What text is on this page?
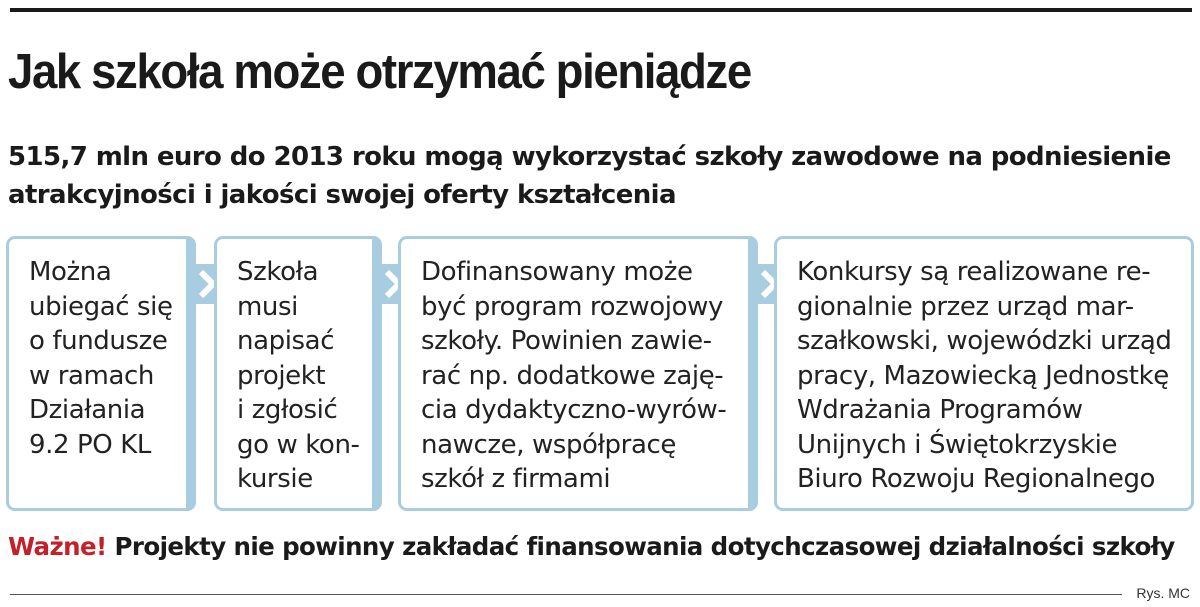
Jak szkoła może otrzymać pieniądze
515,7 mln euro do 2013 roku mogą wykorzystać szkoły zawodowe na podniesienie atrakcyjności i jakości swojej oferty kształcenia
Można
ubiegać się
o fundusze
w ramach
Działania
9.2 PO KL
Szkoła
musi
napisać
projekt
i zgłosić
go w kon-
kursie
Dofinansowany może
być program rozwojowy
szkoły. Powinien zawie-
rać np. dodatkowe zaję-
cia dydaktyczno-wyrów-
nawcze, współpracę
szkół z firmami
Konkursy są realizowane re-
gionalnie przez urząd mar-
szałkowski, wojewódzki urząd
pracy, Mazowiecką Jednostkę
Wdrażania Programów
Unijnych i Świętokrzyskie
Biuro Rozwoju Regionalnego
Ważne! Projekty nie powinny zakładać finansowania dotychczasowej działalności szkoły
Rys. MC
